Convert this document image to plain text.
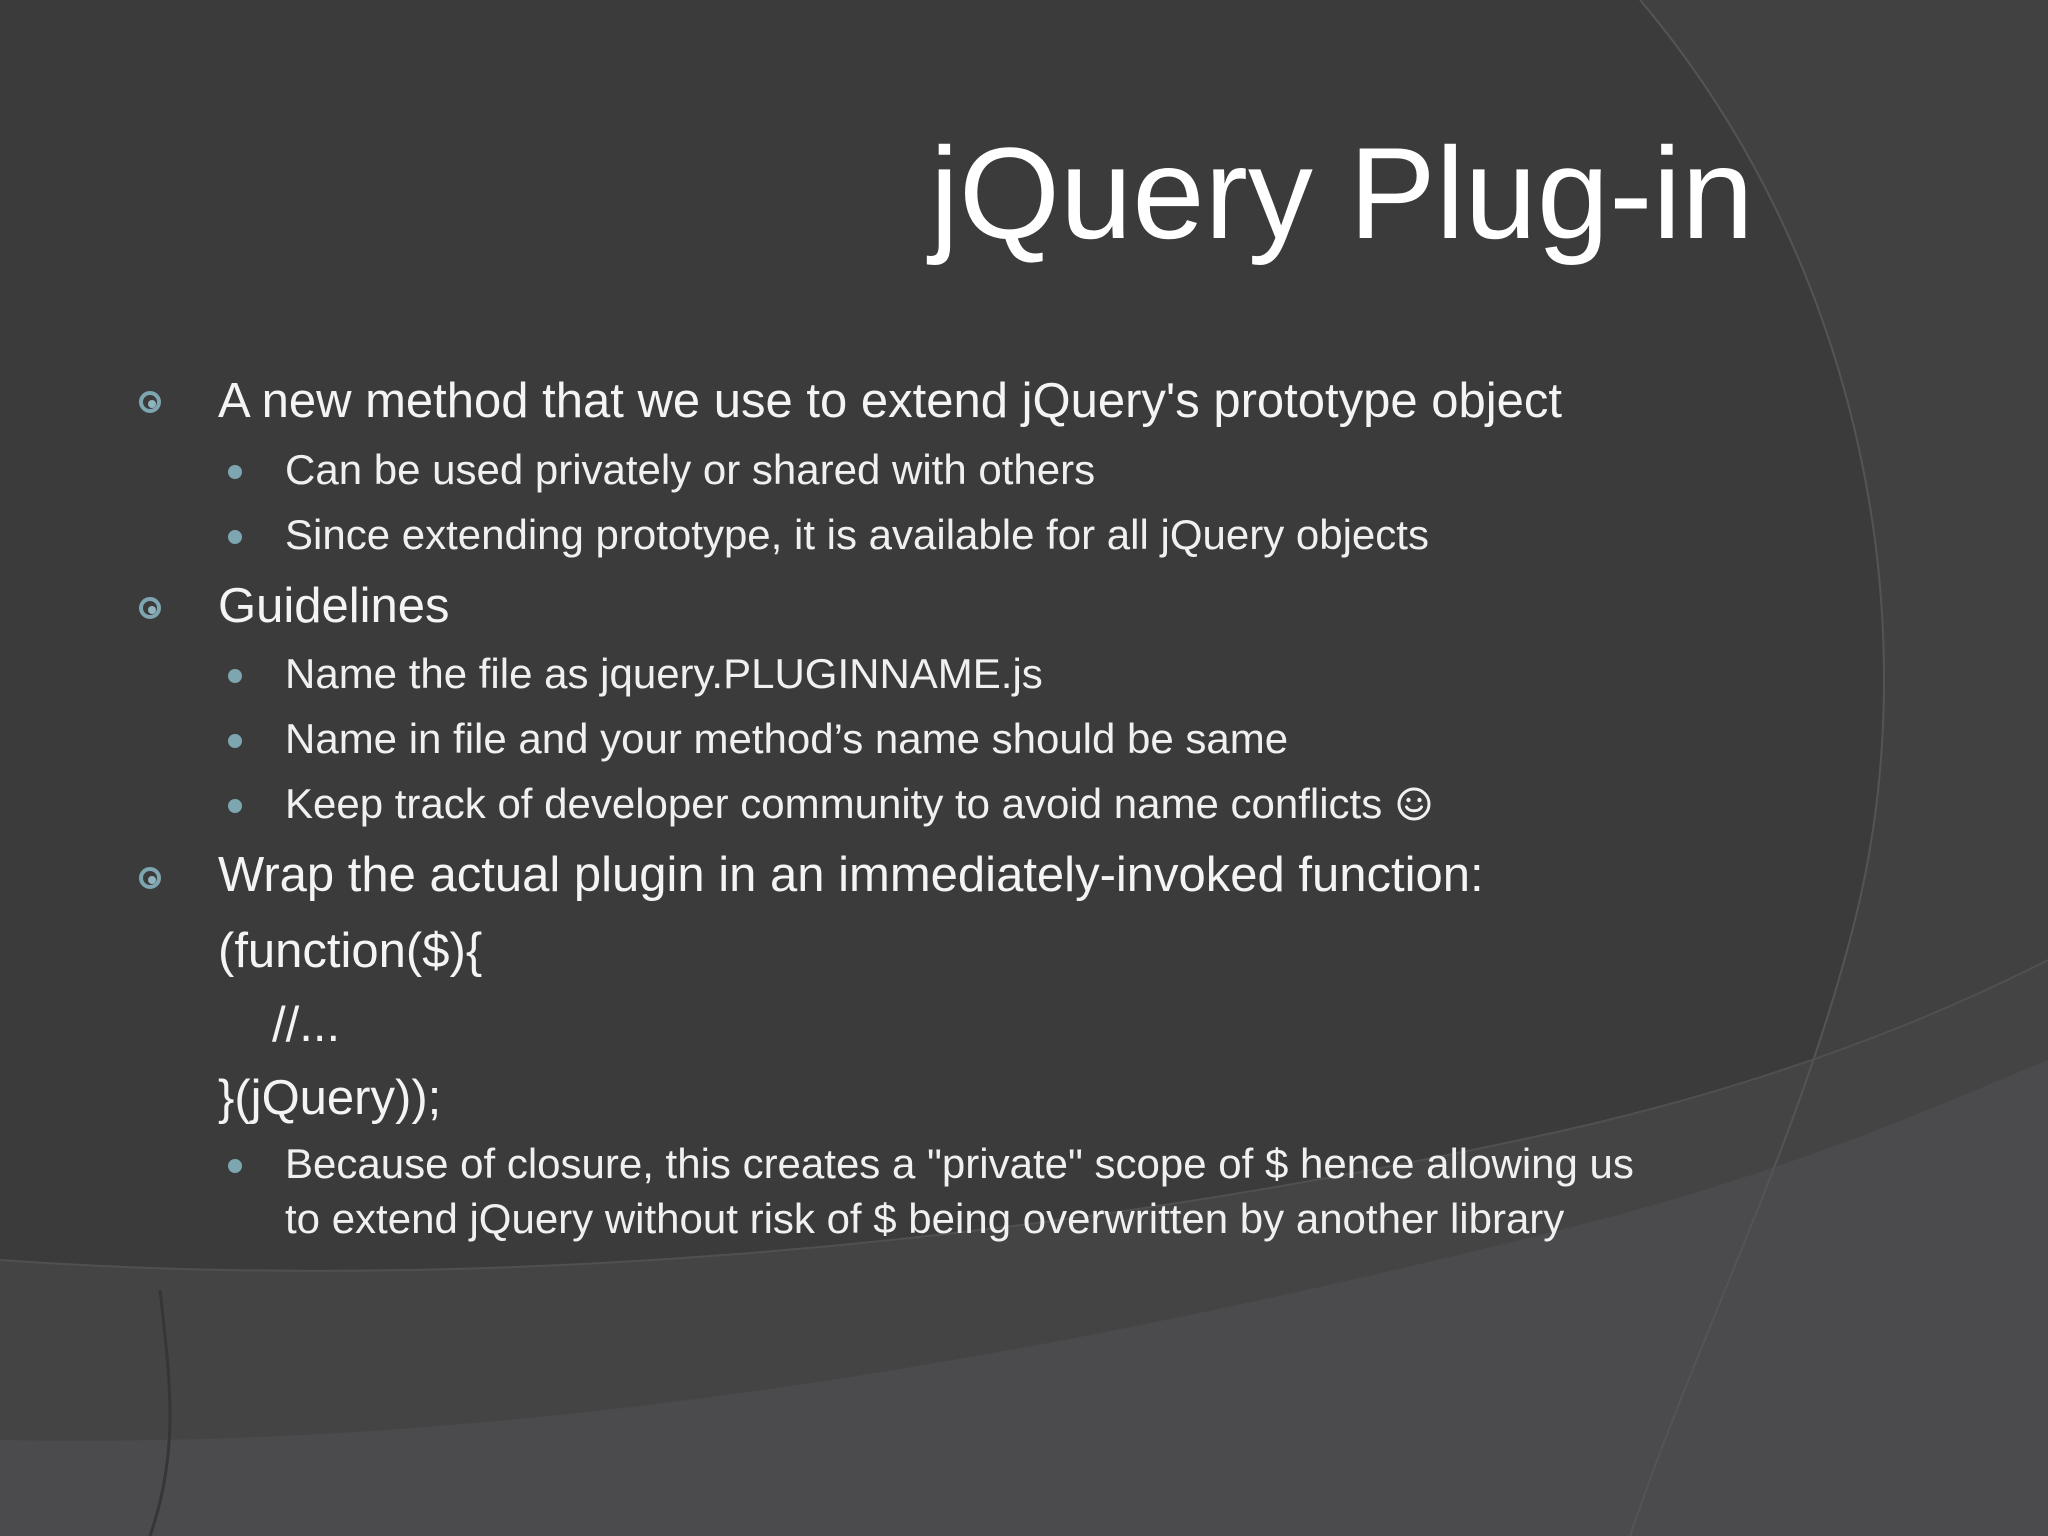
jQuery Plug-in
A new method that we use to extend jQuery's prototype object
Can be used privately or shared with others
Since extending prototype, it is available for all jQuery objects
Guidelines
Name the file as jquery.PLUGINNAME.js
Name in file and your method’s name should be same
Keep track of developer community to avoid name conflicts
Wrap the actual plugin in an immediately-invoked function:
(function($){
//...
}(jQuery));
Because of closure, this creates a "private" scope of $ hence allowing us
to extend jQuery without risk of $ being overwritten by another library
